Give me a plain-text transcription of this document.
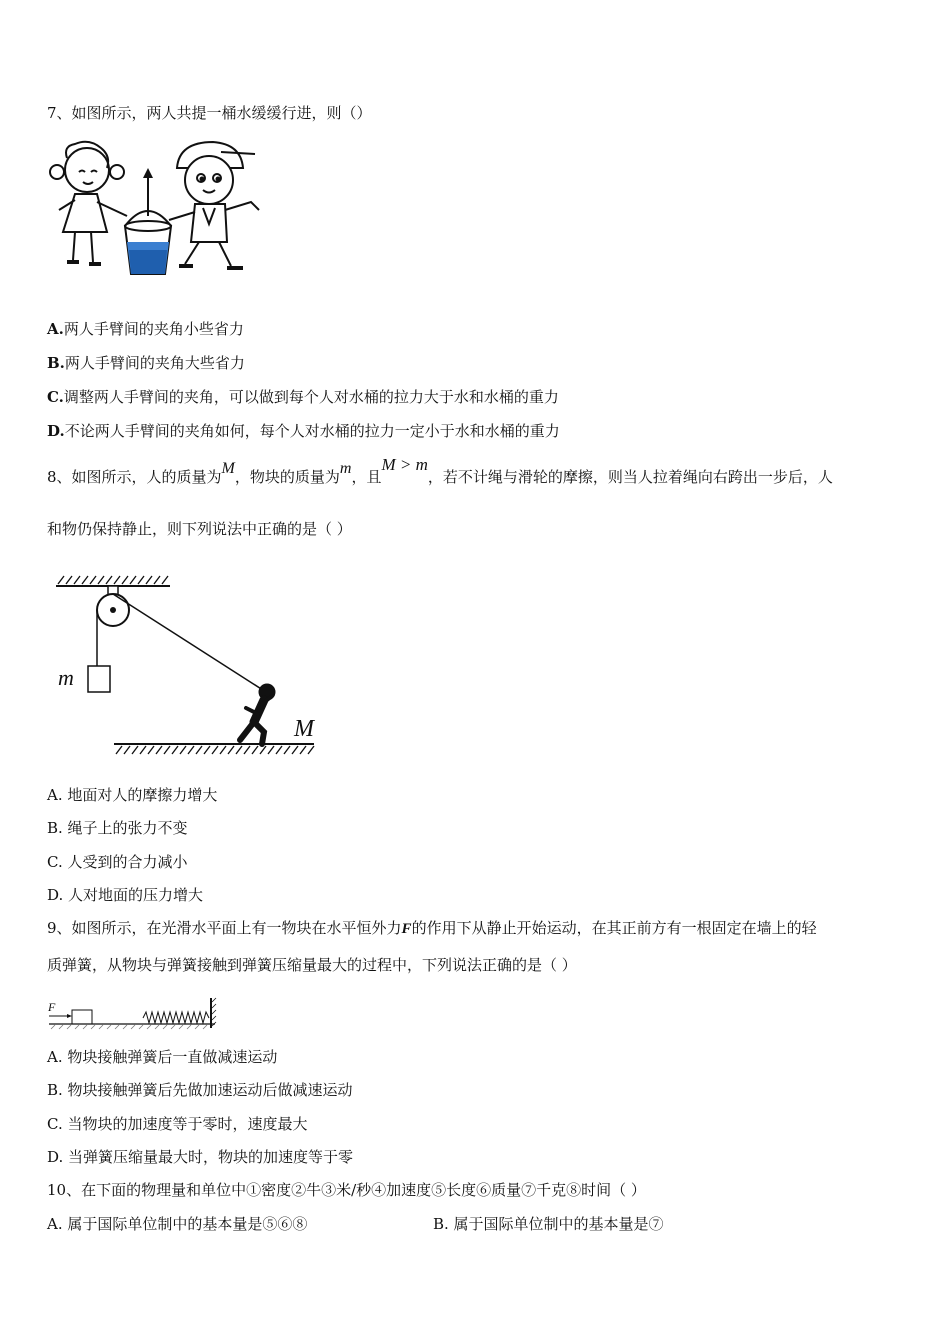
7、如图所示，两人共提一桶水缓缓行进，则（）
A.两人手臂间的夹角小些省力
B.两人手臂间的夹角大些省力
C.调整两人手臂间的夹角，可以做到每个人对水桶的拉力大于水和水桶的重力
D.不论两人手臂间的夹角如何，每个人对水桶的拉力一定小于水和水桶的重力
8、如图所示，人的质量为M，物块的质量为m，且M > m，若不计绳与滑轮的摩擦，则当人拉着绳向右跨出一步后，人
和物仍保持静止，则下列说法中正确的是（ ）
m
M
A. 地面对人的摩擦力增大
B. 绳子上的张力不变
C. 人受到的合力减小
D. 人对地面的压力增大
9、如图所示，在光滑水平面上有一物块在水平恒外力F的作用下从静止开始运动，在其正前方有一根固定在墙上的轻
质弹簧，从物块与弹簧接触到弹簧压缩量最大的过程中，下列说法正确的是（ ）
F
A. 物块接触弹簧后一直做减速运动
B. 物块接触弹簧后先做加速运动后做减速运动
C. 当物块的加速度等于零时，速度最大
D. 当弹簧压缩量最大时，物块的加速度等于零
10、在下面的物理量和单位中①密度②牛③米/秒④加速度⑤长度⑥质量⑦千克⑧时间（ ）
A. 属于国际单位制中的基本量是⑤⑥⑧	B. 属于国际单位制中的基本量是⑦
